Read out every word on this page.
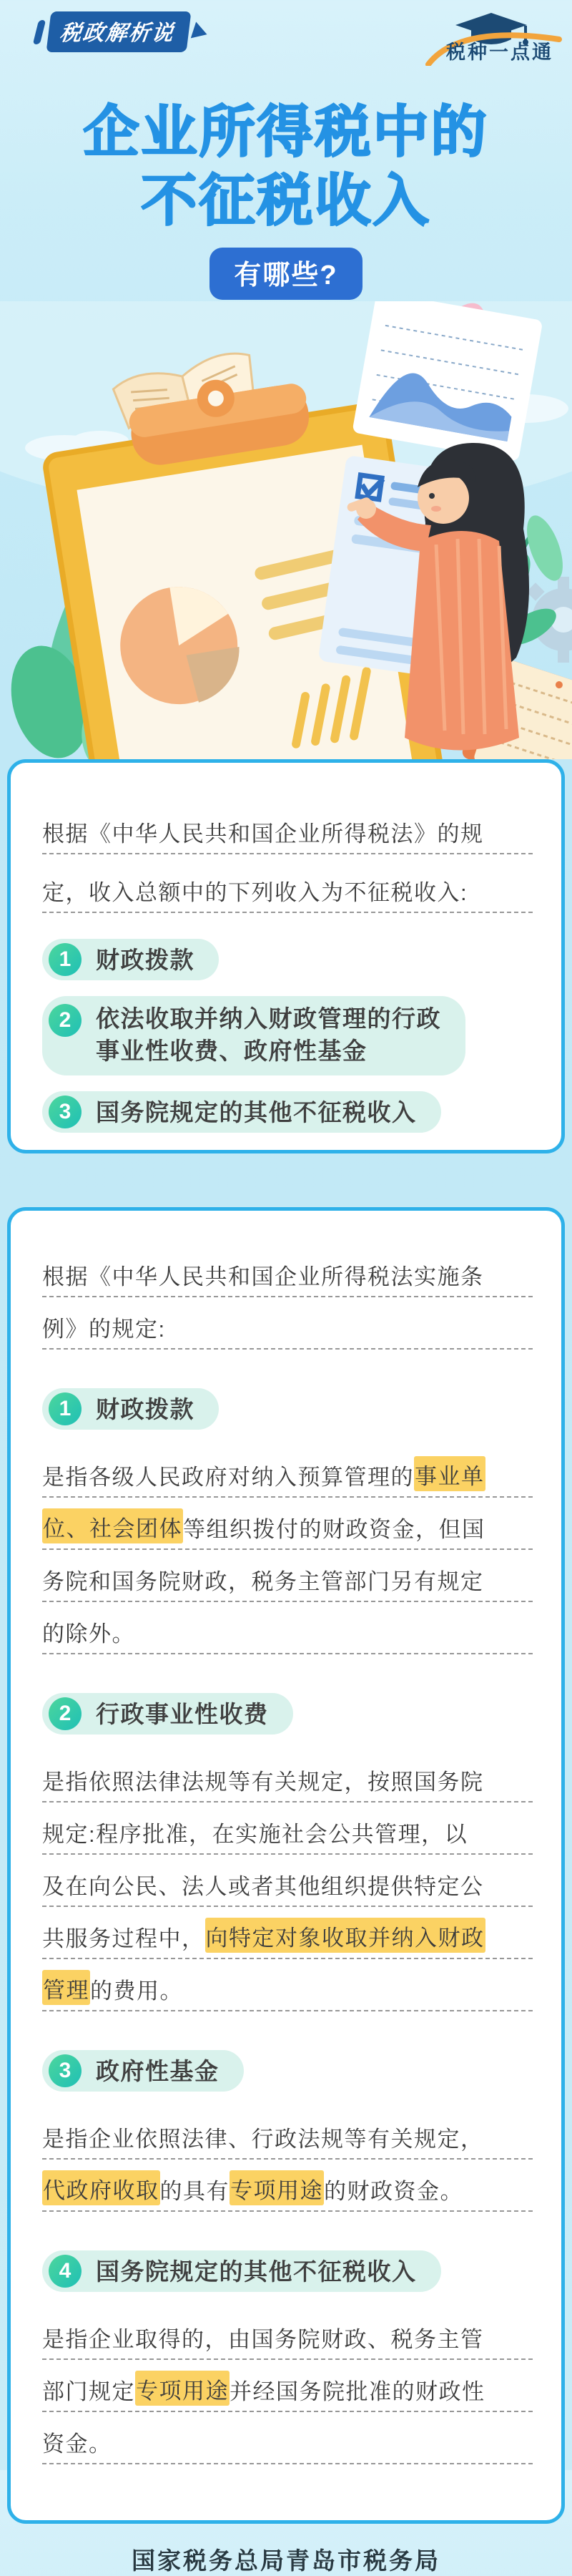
税政解析说
税种一点通
企业所得税中的
不征税收入
有哪些?
根据《中华人民共和国企业所得税法》的规
定，收入总额中的下列收入为不征税收入:
1	财政拨款
2	依法收取并纳入财政管理的行政
事业性收费、政府性基金
3	国务院规定的其他不征税收入
根据《中华人民共和国企业所得税法实施条
例》的规定:
1	财政拨款
是指各级人民政府对纳入预算管理的 事业单
位、社会团体 等组织拨付的财政资金，但国
务院和国务院财政，税务主管部门另有规定
的除外。
2	行政事业性收费
是指依照法律法规等有关规定，按照国务院
规定:程序批准，在实施社会公共管理，以
及在向公民、法人或者其他组织提供特定公
共服务过程中， 向特定对象收取并纳入财政
管理 的费用。
3	政府性基金
是指企业依照法律、行政法规等有关规定，
代政府收取 的具有 专项用途 的财政资金。
4	国务院规定的其他不征税收入
是指企业取得的，由国务院财政、税务主管
部门规定 专项用途 并经国务院批准的财政性
资金。
国家税务总局青岛市税务局
